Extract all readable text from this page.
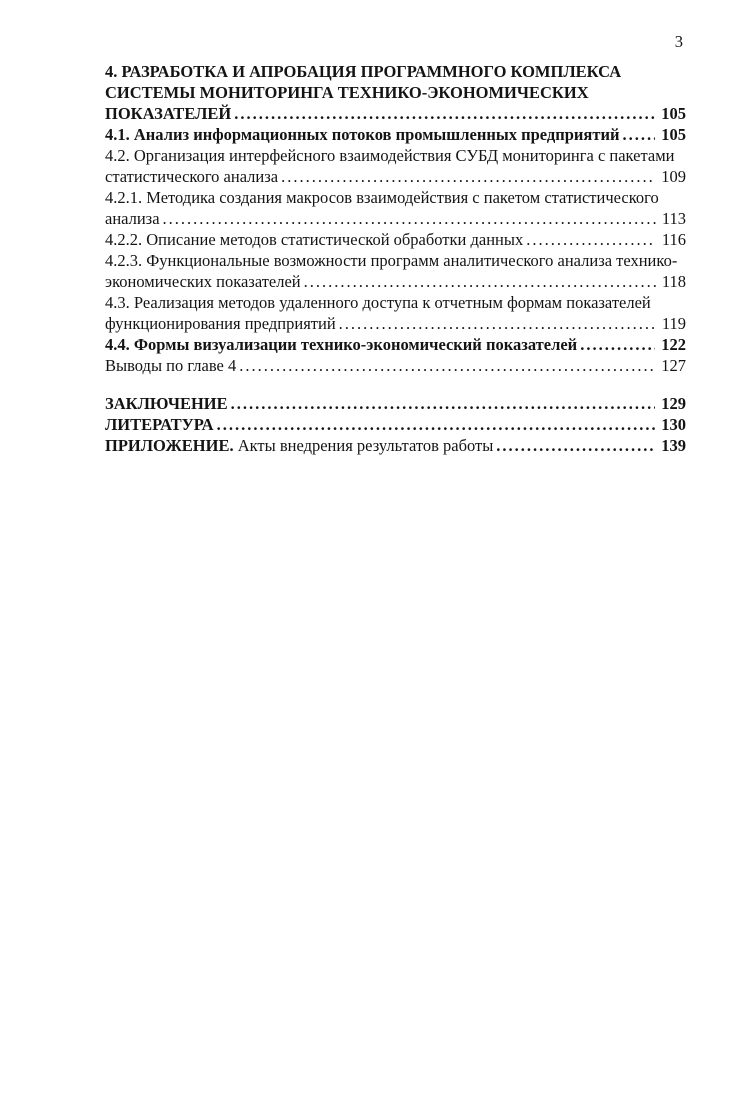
3
4. РАЗРАБОТКА И АПРОБАЦИЯ ПРОГРАММНОГО КОМПЛЕКСА СИСТЕМЫ МОНИТОРИНГА ТЕХНИКО-ЭКОНОМИЧЕСКИХ ПОКАЗАТЕЛЕЙ	105
4.1. Анализ информационных потоков промышленных предприятий	105
4.2. Организация интерфейсного взаимодействия СУБД мониторинга с пакетами статистического анализа	109
4.2.1. Методика создания макросов взаимодействия с пакетом статистического анализа	113
4.2.2. Описание методов статистической обработки данных	116
4.2.3. Функциональные возможности программ аналитического анализа технико-экономических показателей	118
4.3. Реализация методов удаленного доступа к отчетным формам показателей функционирования предприятий	119
4.4. Формы визуализации технико-экономический показателей	122
Выводы по главе 4	127
ЗАКЛЮЧЕНИЕ	129
ЛИТЕРАТУРА	130
ПРИЛОЖЕНИЕ. Акты внедрения результатов работы	139
